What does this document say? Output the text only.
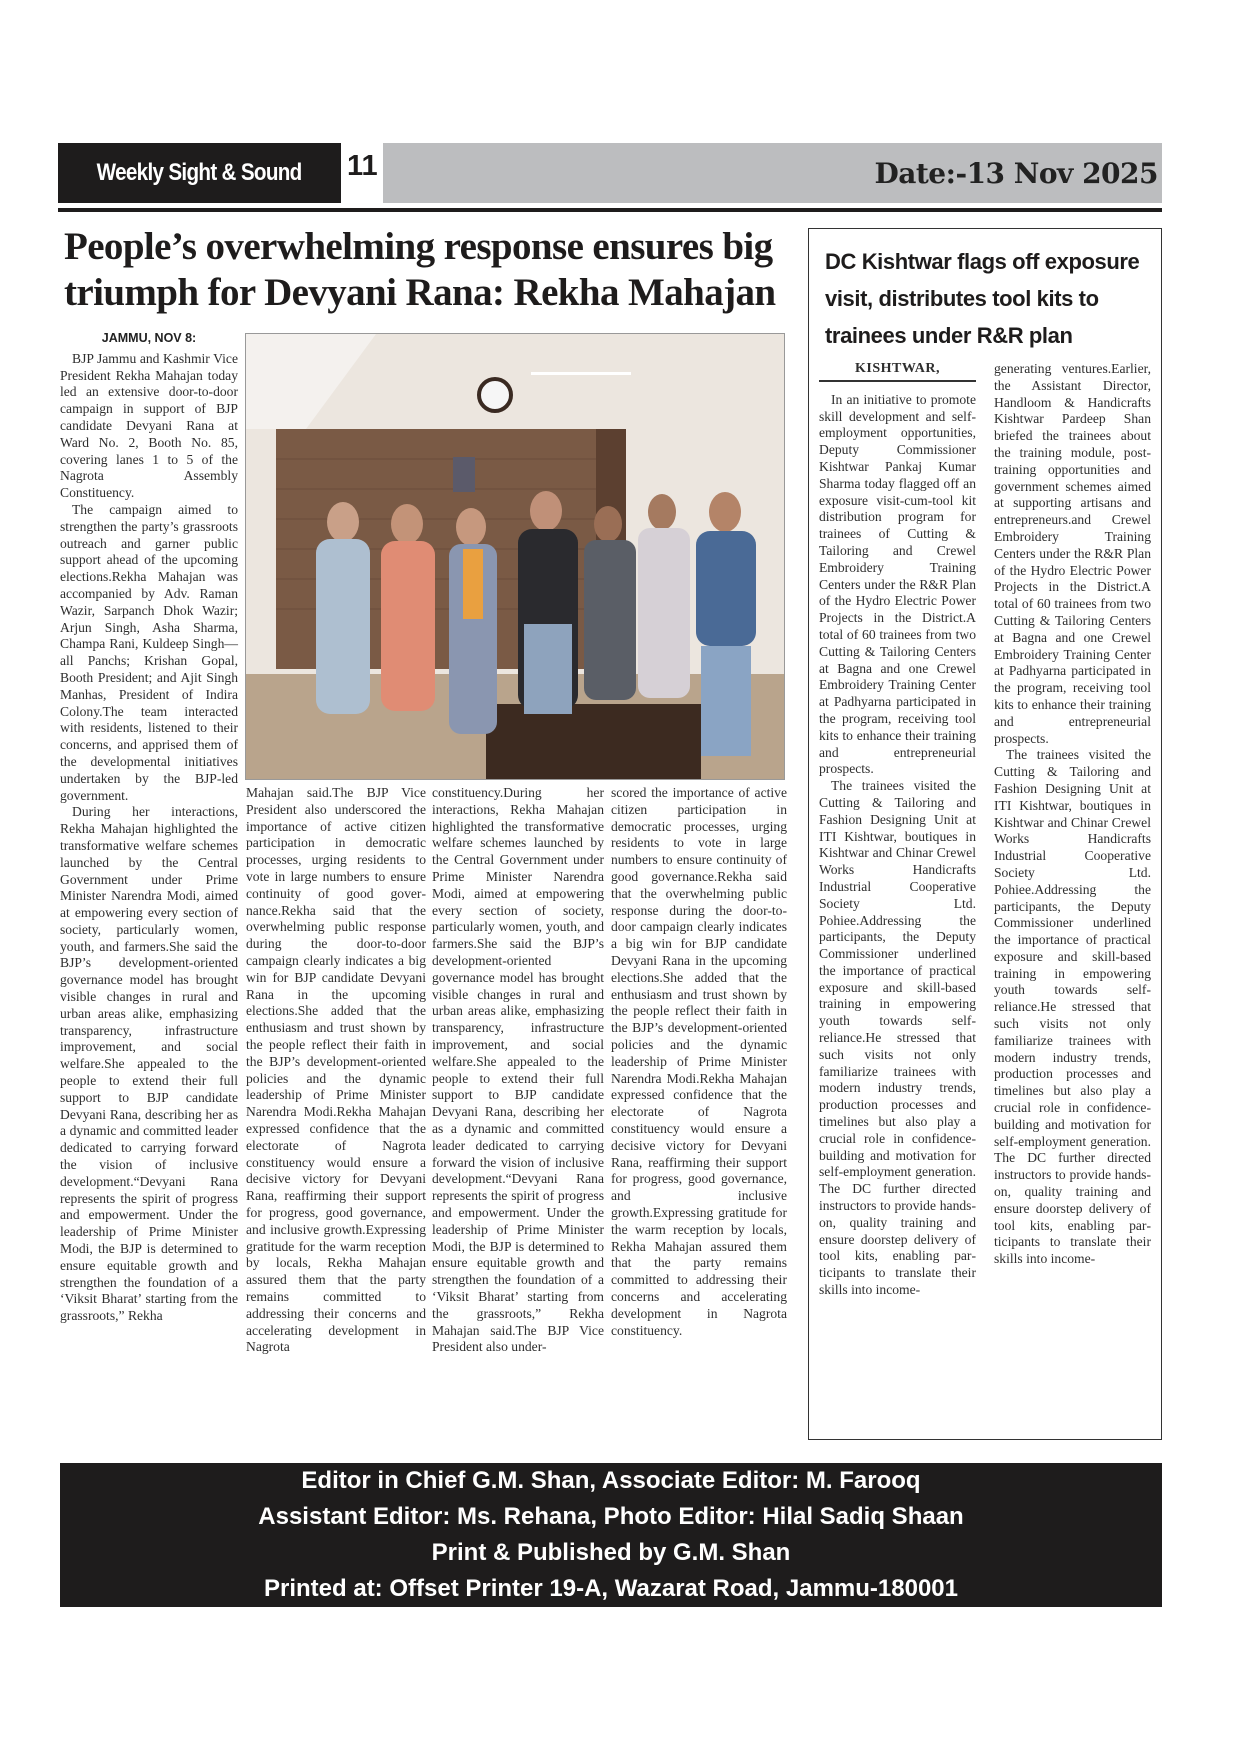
Weekly Sight & Sound 11	Date:-13 Nov 2025
People’s overwhelming response ensures big triumph for Devyani Rana: Rekha Mahajan
JAMMU, NOV 8:

BJP Jammu and Kashmir Vice President Rekha Mahajan today led an extensive door-to-door campaign in support of BJP candidate Devyani Rana at Ward No. 2, Booth No. 85, covering lanes 1 to 5 of the Nagrota Assembly Constituency.

The campaign aimed to strengthen the party’s grassroots outreach and garner public support ahead of the upcoming elections.Rekha Mahajan was accompanied by Adv. Raman Wazir, Sarpanch Dhok Wazir; Arjun Singh, Asha Sharma, Champa Rani, Kuldeep Singh—all Panchs; Krishan Gopal, Booth President; and Ajit Singh Manhas, President of Indira Colony.The team interacted with residents, listened to their concerns, and apprised them of the developmental initiatives undertaken by the BJP-led government.

During her interactions, Rekha Mahajan highlighted the transformative welfare schemes launched by the Central Government under Prime Minister Narendra Modi, aimed at empowering every section of society, particularly women, youth, and farmers.She said the BJP’s development-oriented governance model has brought visible changes in rural and urban areas alike, emphasizing transparency, infrastructure improvement, and social welfare.She appealed to the people to extend their full support to BJP candidate Devyani Rana, describing her as a dynamic and committed leader dedicated to carrying forward the vision of inclusive development.“Devyani Rana represents the spirit of progress and empowerment. Under the leadership of Prime Minister Modi, the BJP is determined to ensure equitable growth and strengthen the foundation of a ‘Viksit Bharat’ starting from the grassroots,” Rekha

Mahajan said.The BJP Vice President also underscored the importance of active citizen participation in democratic processes, urging residents to vote in large numbers to ensure continuity of good governance.Rekha said that the overwhelming public response during the door-to-door campaign clearly indicates a big win for BJP candidate Devyani Rana in the upcoming elections.She added that the enthusiasm and trust shown by the people reflect their faith in the BJP’s development-oriented policies and the dynamic leadership of Prime Minister Narendra Modi.Rekha Mahajan expressed confidence that the electorate of Nagrota constituency would ensure a decisive victory for Devyani Rana, reaffirming their support for progress, good governance, and inclusive growth.Expressing gratitude for the warm reception by locals, Rekha Mahajan assured them that the party remains committed to addressing their concerns and accelerating development in Nagrota

constituency.During her interactions, Rekha Mahajan highlighted the transformative welfare schemes launched by the Central Government under Prime Minister Narendra Modi, aimed at empowering every section of society, particularly women, youth, and farmers.She said the BJP’s development-oriented governance model has brought visible changes in rural and urban areas alike, emphasizing transparency, infrastructure improvement, and social welfare.She appealed to the people to extend their full support to BJP candidate Devyani Rana, describing her as a dynamic and committed leader dedicated to carrying forward the vision of inclusive development.“Devyani Rana represents the spirit of progress and empowerment. Under the leadership of Prime Minister Modi, the BJP is determined to ensure equitable growth and strengthen the foundation of a ‘Viksit Bharat’ starting from the grassroots,” Rekha Mahajan said.The BJP Vice President also under-

scored the importance of active citizen participation in democratic processes, urging residents to vote in large numbers to ensure continuity of good governance.Rekha said that the overwhelming public response during the door-to-door campaign clearly indicates a big win for BJP candidate Devyani Rana in the upcoming elections.She added that the enthusiasm and trust shown by the people reflect their faith in the BJP’s development-oriented policies and the dynamic leadership of Prime Minister Narendra Modi.Rekha Mahajan expressed confidence that the electorate of Nagrota constituency would ensure a decisive victory for Devyani Rana, reaffirming their support for progress, good governance, and inclusive growth.Expressing gratitude for the warm reception by locals, Rekha Mahajan assured them that the party remains committed to addressing their concerns and accelerating development in Nagrota constituency.

DC Kishtwar flags off exposure visit, distributes tool kits to trainees under R&R plan
KISHTWAR,

In an initiative to promote skill development and self-employment opportunities, Deputy Commissioner Kishtwar Pankaj Kumar Sharma today flagged off an exposure visit-cum-tool kit distribution program for trainees of Cutting & Tailoring and Crewel Embroidery Training Centers under the R&R Plan of the Hydro Electric Power Projects in the District.A total of 60 trainees from two Cutting & Tailoring Centers at Bagna and one Crewel Embroidery Training Center at Padhyarna participated in the program, receiving tool kits to enhance their training and entrepreneurial prospects.

The trainees visited the Cutting & Tailoring and Fashion Designing Unit at ITI Kishtwar, boutiques in Kishtwar and Chinar Crewel Works Handicrafts Industrial Cooperative Society Ltd. Pohiee.Addressing the participants, the Deputy Commissioner underlined the importance of practical exposure and skill-based training in empowering youth towards self-reliance.He stressed that such visits not only familiarize trainees with modern industry trends, production processes and timelines but also play a crucial role in confidence-building and motivation for self-employment generation. The DC further directed instructors to provide hands-on, quality training and ensure doorstep delivery of tool kits, enabling participants to translate their skills into income-

generating ventures.Earlier, the Assistant Director, Handloom & Handicrafts Kishtwar Pardeep Shan briefed the trainees about the training module, post-training opportunities and government schemes aimed at supporting artisans and entrepreneurs.and Crewel Embroidery Training Centers under the R&R Plan of the Hydro Electric Power Projects in the District.A total of 60 trainees from two Cutting & Tailoring Centers at Bagna and one Crewel Embroidery Training Center at Padhyarna participated in the program, receiving tool kits to enhance their training and entrepreneurial prospects.

The trainees visited the Cutting & Tailoring and Fashion Designing Unit at ITI Kishtwar, boutiques in Kishtwar and Chinar Crewel Works Handicrafts Industrial Cooperative Society Ltd. Pohiee.Addressing the participants, the Deputy Commissioner underlined the importance of practical exposure and skill-based training in empowering youth towards self-reliance.He stressed that such visits not only familiarize trainees with modern industry trends, production processes and timelines but also play a crucial role in confidence-building and motivation for self-employment generation. The DC further directed instructors to provide hands-on, quality training and ensure doorstep delivery of tool kits, enabling participants to translate their skills into income-

Editor in Chief G.M. Shan, Associate Editor: M. Farooq
Assistant Editor: Ms. Rehana, Photo Editor: Hilal Sadiq Shaan
Print & Published by G.M. Shan
Printed at: Offset Printer 19-A, Wazarat Road, Jammu-180001
